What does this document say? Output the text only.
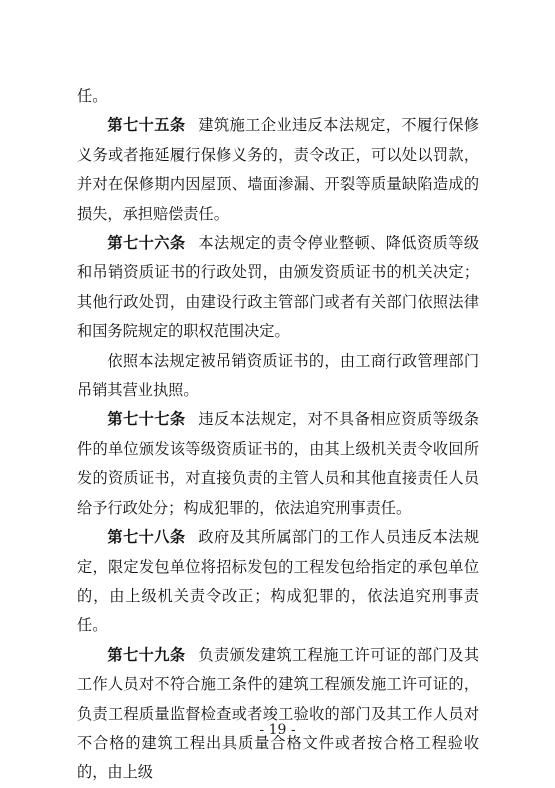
任。

第七十五条 建筑施工企业违反本法规定，不履行保修义务或者拖延履行保修义务的，责令改正，可以处以罚款，并对在保修期内因屋顶、墙面渗漏、开裂等质量缺陷造成的损失，承担赔偿责任。

第七十六条 本法规定的责令停业整顿、降低资质等级和吊销资质证书的行政处罚，由颁发资质证书的机关决定；其他行政处罚，由建设行政主管部门或者有关部门依照法律和国务院规定的职权范围决定。

依照本法规定被吊销资质证书的，由工商行政管理部门吊销其营业执照。

第七十七条 违反本法规定，对不具备相应资质等级条件的单位颁发该等级资质证书的，由其上级机关责令收回所发的资质证书，对直接负责的主管人员和其他直接责任人员给予行政处分；构成犯罪的，依法追究刑事责任。

第七十八条 政府及其所属部门的工作人员违反本法规定，限定发包单位将招标发包的工程发包给指定的承包单位的，由上级机关责令改正；构成犯罪的，依法追究刑事责任。

第七十九条 负责颁发建筑工程施工许可证的部门及其工作人员对不符合施工条件的建筑工程颁发施工许可证的，负责工程质量监督检查或者竣工验收的部门及其工作人员对不合格的建筑工程出具质量合格文件或者按合格工程验收的，由上级

- 19 -
